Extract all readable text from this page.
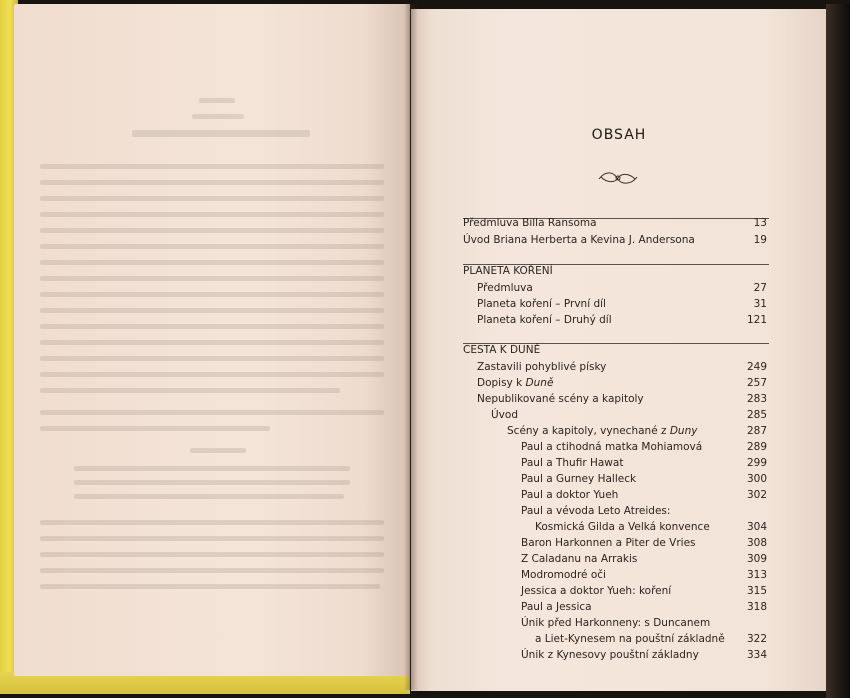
OBSAH
Předmluva Billa Ransoma	13
Úvod Briana Herberta a Kevina J. Andersona	19
PLANETA KOŘENÍ
Předmluva	27
Planeta koření – První díl	31
Planeta koření – Druhý díl	121
CESTA K DUNĚ
Zastavili pohyblivé písky	249
Dopisy k Duně	257
Nepublikované scény a kapitoly	283
Úvod	285
Scény a kapitoly, vynechané z Duny	287
Paul a ctihodná matka Mohiamová	289
Paul a Thufir Hawat	299
Paul a Gurney Halleck	300
Paul a doktor Yueh	302
Paul a vévoda Leto Atreides:
Kosmická Gilda a Velká konvence	304
Baron Harkonnen a Piter de Vries	308
Z Caladanu na Arrakis	309
Modromodré oči	313
Jessica a doktor Yueh: koření	315
Paul a Jessica	318
Únik před Harkonneny: s Duncanem
a Liet-Kynesem na pouštní základně 322
Únik z Kynesovy pouštní základny	334
